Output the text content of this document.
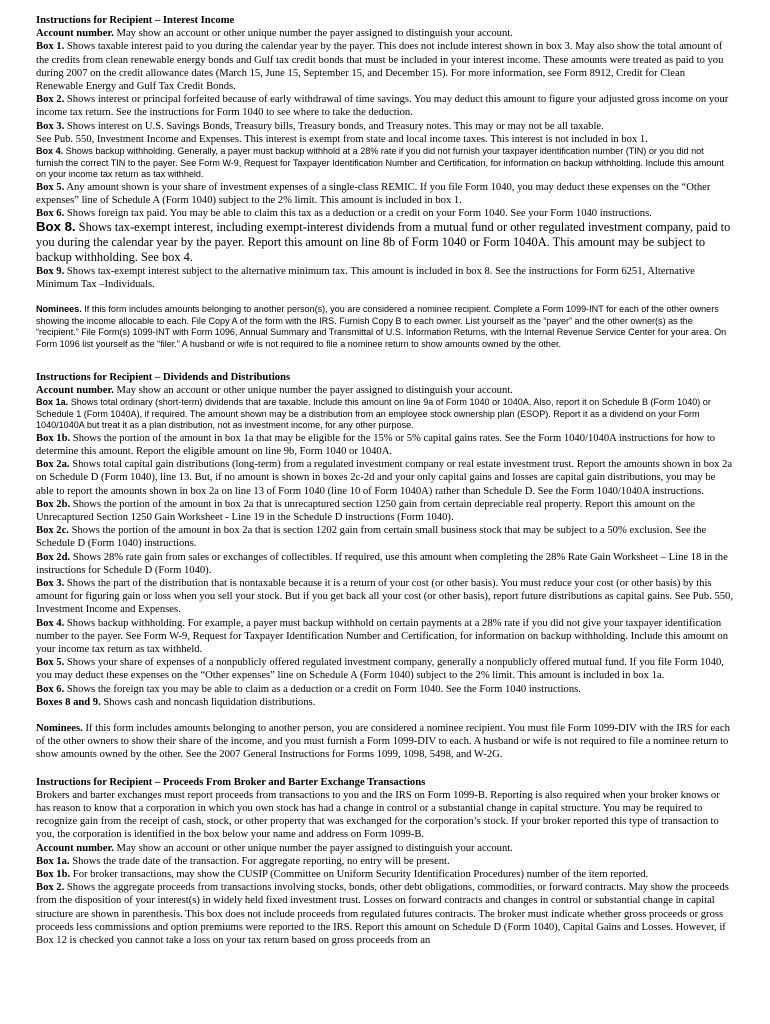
Instructions for Recipient – Interest Income

Account number. May show an account or other unique number the payer assigned to distinguish your account.

Box 1. Shows taxable interest paid to you during the calendar year by the payer. This does not include interest shown in box 3. May also show the total amount of the credits from clean renewable energy bonds and Gulf tax credit bonds that must be included in your interest income. These amounts were treated as paid to you during 2007 on the credit allowance dates (March 15, June 15, September 15, and December 15). For more information, see Form 8912, Credit for Clean Renewable Energy and Gulf Tax Credit Bonds.

Box 2. Shows interest or principal forfeited because of early withdrawal of time savings. You may deduct this amount to figure your adjusted gross income on your income tax return. See the instructions for Form 1040 to see where to take the deduction.

Box 3. Shows interest on U.S. Savings Bonds, Treasury bills, Treasury bonds, and Treasury notes. This may or may not be all taxable.

See Pub. 550, Investment Income and Expenses. This interest is exempt from state and local income taxes. This interest is not included in box 1.

Box 4. Shows backup withholding. Generally, a payer must backup withhold at a 28% rate if you did not furnish your taxpayer identification number (TIN) or you did not furnish the correct TIN to the payer. See Form W-9, Request for Taxpayer Identification Number and Certification, for information on backup withholding. Include this amount on your income tax return as tax withheld.

Box 5. Any amount shown is your share of investment expenses of a single-class REMIC. If you file Form 1040, you may deduct these expenses on the “Other expenses” line of Schedule A (Form 1040) subject to the 2% limit. This amount is included in box 1.

Box 6. Shows foreign tax paid. You may be able to claim this tax as a deduction or a credit on your Form 1040. See your Form 1040 instructions.

Box 8. Shows tax-exempt interest, including exempt-interest dividends from a mutual fund or other regulated investment company, paid to you during the calendar year by the payer. Report this amount on line 8b of Form 1040 or Form 1040A. This amount may be subject to backup withholding. See box 4.

Box 9. Shows tax-exempt interest subject to the alternative minimum tax. This amount is included in box 8. See the instructions for Form 6251, Alternative Minimum Tax –Individuals.

Nominees. If this form includes amounts belonging to another person(s), you are considered a nominee recipient. Complete a Form 1099-INT for each of the other owners showing the income allocable to each. File Copy A of the form with the IRS. Furnish Copy B to each owner. List yourself as the “payer” and the other owner(s) as the “recipient.” File Form(s) 1099-INT with Form 1096, Annual Summary and Transmittal of U.S. Information Returns, with the Internal Revenue Service Center for your area. On Form 1096 list yourself as the “filer.” A husband or wife is not required to file a nominee return to show amounts owned by the other.

Instructions for Recipient – Dividends and Distributions

Account number. May show an account or other unique number the payer assigned to distinguish your account.

Box 1a. Shows total ordinary (short-term) dividends that are taxable. Include this amount on line 9a of Form 1040 or 1040A. Also, report it on Schedule B (Form 1040) or Schedule 1 (Form 1040A), if required. The amount shown may be a distribution from an employee stock ownership plan (ESOP). Report it as a dividend on your Form 1040/1040A but treat it as a plan distribution, not as investment income, for any other purpose.

Box 1b. Shows the portion of the amount in box 1a that may be eligible for the 15% or 5% capital gains rates. See the Form 1040/1040A instructions for how to determine this amount. Report the eligible amount on line 9b, Form 1040 or 1040A.

Box 2a. Shows total capital gain distributions (long-term) from a regulated investment company or real estate investment trust. Report the amounts shown in box 2a on Schedule D (Form 1040), line 13. But, if no amount is shown in boxes 2c-2d and your only capital gains and losses are capital gain distributions, you may be able to report the amounts shown in box 2a on line 13 of Form 1040 (line 10 of Form 1040A) rather than Schedule D. See the Form 1040/1040A instructions.

Box 2b. Shows the portion of the amount in box 2a that is unrecaptured section 1250 gain from certain depreciable real property. Report this amount on the Unrecaptured Section 1250 Gain Worksheet - Line 19 in the Schedule D instructions (Form 1040).

Box 2c. Shows the portion of the amount in box 2a that is section 1202 gain from certain small business stock that may be subject to a 50% exclusion. See the Schedule D (Form 1040) instructions.

Box 2d. Shows 28% rate gain from sales or exchanges of collectibles. If required, use this amount when completing the 28% Rate Gain Worksheet – Line 18 in the instructions for Schedule D (Form 1040).

Box 3. Shows the part of the distribution that is nontaxable because it is a return of your cost (or other basis). You must reduce your cost (or other basis) by this amount for figuring gain or loss when you sell your stock. But if you get back all your cost (or other basis), report future distributions as capital gains. See Pub. 550, Investment Income and Expenses.

Box 4. Shows backup withholding. For example, a payer must backup withhold on certain payments at a 28% rate if you did not give your taxpayer identification number to the payer. See Form W-9, Request for Taxpayer Identification Number and Certification, for information on backup withholding. Include this amount on your income tax return as tax withheld.

Box 5. Shows your share of expenses of a nonpublicly offered regulated investment company, generally a nonpublicly offered mutual fund. If you file Form 1040, you may deduct these expenses on the “Other expenses” line on Schedule A (Form 1040) subject to the 2% limit. This amount is included in box 1a.

Box 6. Shows the foreign tax you may be able to claim as a deduction or a credit on Form 1040. See the Form 1040 instructions.

Boxes 8 and 9. Shows cash and noncash liquidation distributions.

Nominees. If this form includes amounts belonging to another person, you are considered a nominee recipient. You must file Form 1099-DIV with the IRS for each of the other owners to show their share of the income, and you must furnish a Form 1099-DIV to each. A husband or wife is not required to file a nominee return to show amounts owned by the other. See the 2007 General Instructions for Forms 1099, 1098, 5498, and W-2G.

Instructions for Recipient – Proceeds From Broker and Barter Exchange Transactions

Brokers and barter exchanges must report proceeds from transactions to you and the IRS on Form 1099-B. Reporting is also required when your broker knows or has reason to know that a corporation in which you own stock has had a change in control or a substantial change in capital structure. You may be required to recognize gain from the receipt of cash, stock, or other property that was exchanged for the corporation’s stock. If your broker reported this type of transaction to you, the corporation is identified in the box below your name and address on Form 1099-B.

Account number. May show an account or other unique number the payer assigned to distinguish your account.

Box 1a. Shows the trade date of the transaction. For aggregate reporting, no entry will be present.

Box 1b. For broker transactions, may show the CUSIP (Committee on Uniform Security Identification Procedures) number of the item reported.

Box 2. Shows the aggregate proceeds from transactions involving stocks, bonds, other debt obligations, commodities, or forward contracts. May show the proceeds from the disposition of your interest(s) in widely held fixed investment trust. Losses on forward contracts and changes in control or substantial change in capital structure are shown in parenthesis. This box does not include proceeds from regulated futures contracts. The broker must indicate whether gross proceeds or gross proceeds less commissions and option premiums were reported to the IRS. Report this amount on Schedule D (Form 1040), Capital Gains and Losses. However, if Box 12 is checked you cannot take a loss on your tax return based on gross proceeds from an
